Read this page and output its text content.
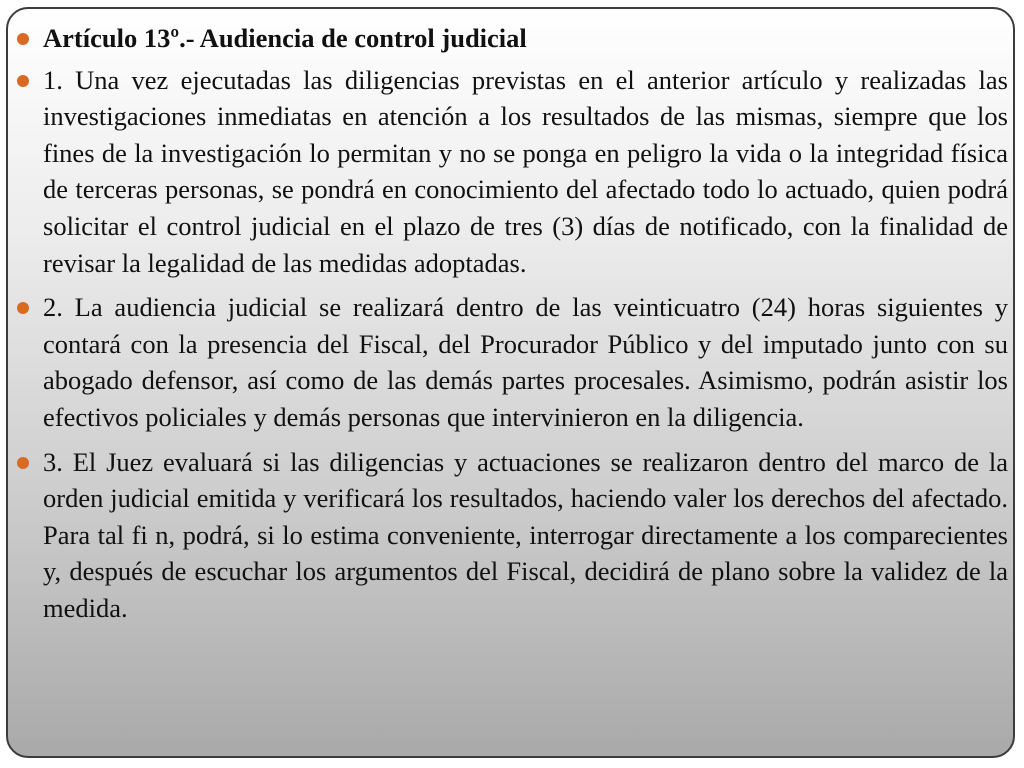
Artículo 13º.- Audiencia de control judicial
1. Una vez ejecutadas las diligencias previstas en el anterior artículo y realizadas las investigaciones inmediatas en atención a los resultados de las mismas, siempre que los fines de la investigación lo permitan y no se ponga en peligro la vida o la integridad física de terceras personas, se pondrá en conocimiento del afectado todo lo actuado, quien podrá solicitar el control judicial en el plazo de tres (3) días de notificado, con la finalidad de revisar la legalidad de las medidas adoptadas.
2. La audiencia judicial se realizará dentro de las veinticuatro (24) horas siguientes y contará con la presencia del Fiscal, del Procurador Público y del imputado junto con su abogado defensor, así como de las demás partes procesales. Asimismo, podrán asistir los efectivos policiales y demás personas que intervinieron en la diligencia.
3. El Juez evaluará si las diligencias y actuaciones se realizaron dentro del marco de la orden judicial emitida y verificará los resultados, haciendo valer los derechos del afectado. Para tal fi n, podrá, si lo estima conveniente, interrogar directamente a los comparecientes y, después de escuchar los argumentos del Fiscal, decidirá de plano sobre la validez de la medida.
